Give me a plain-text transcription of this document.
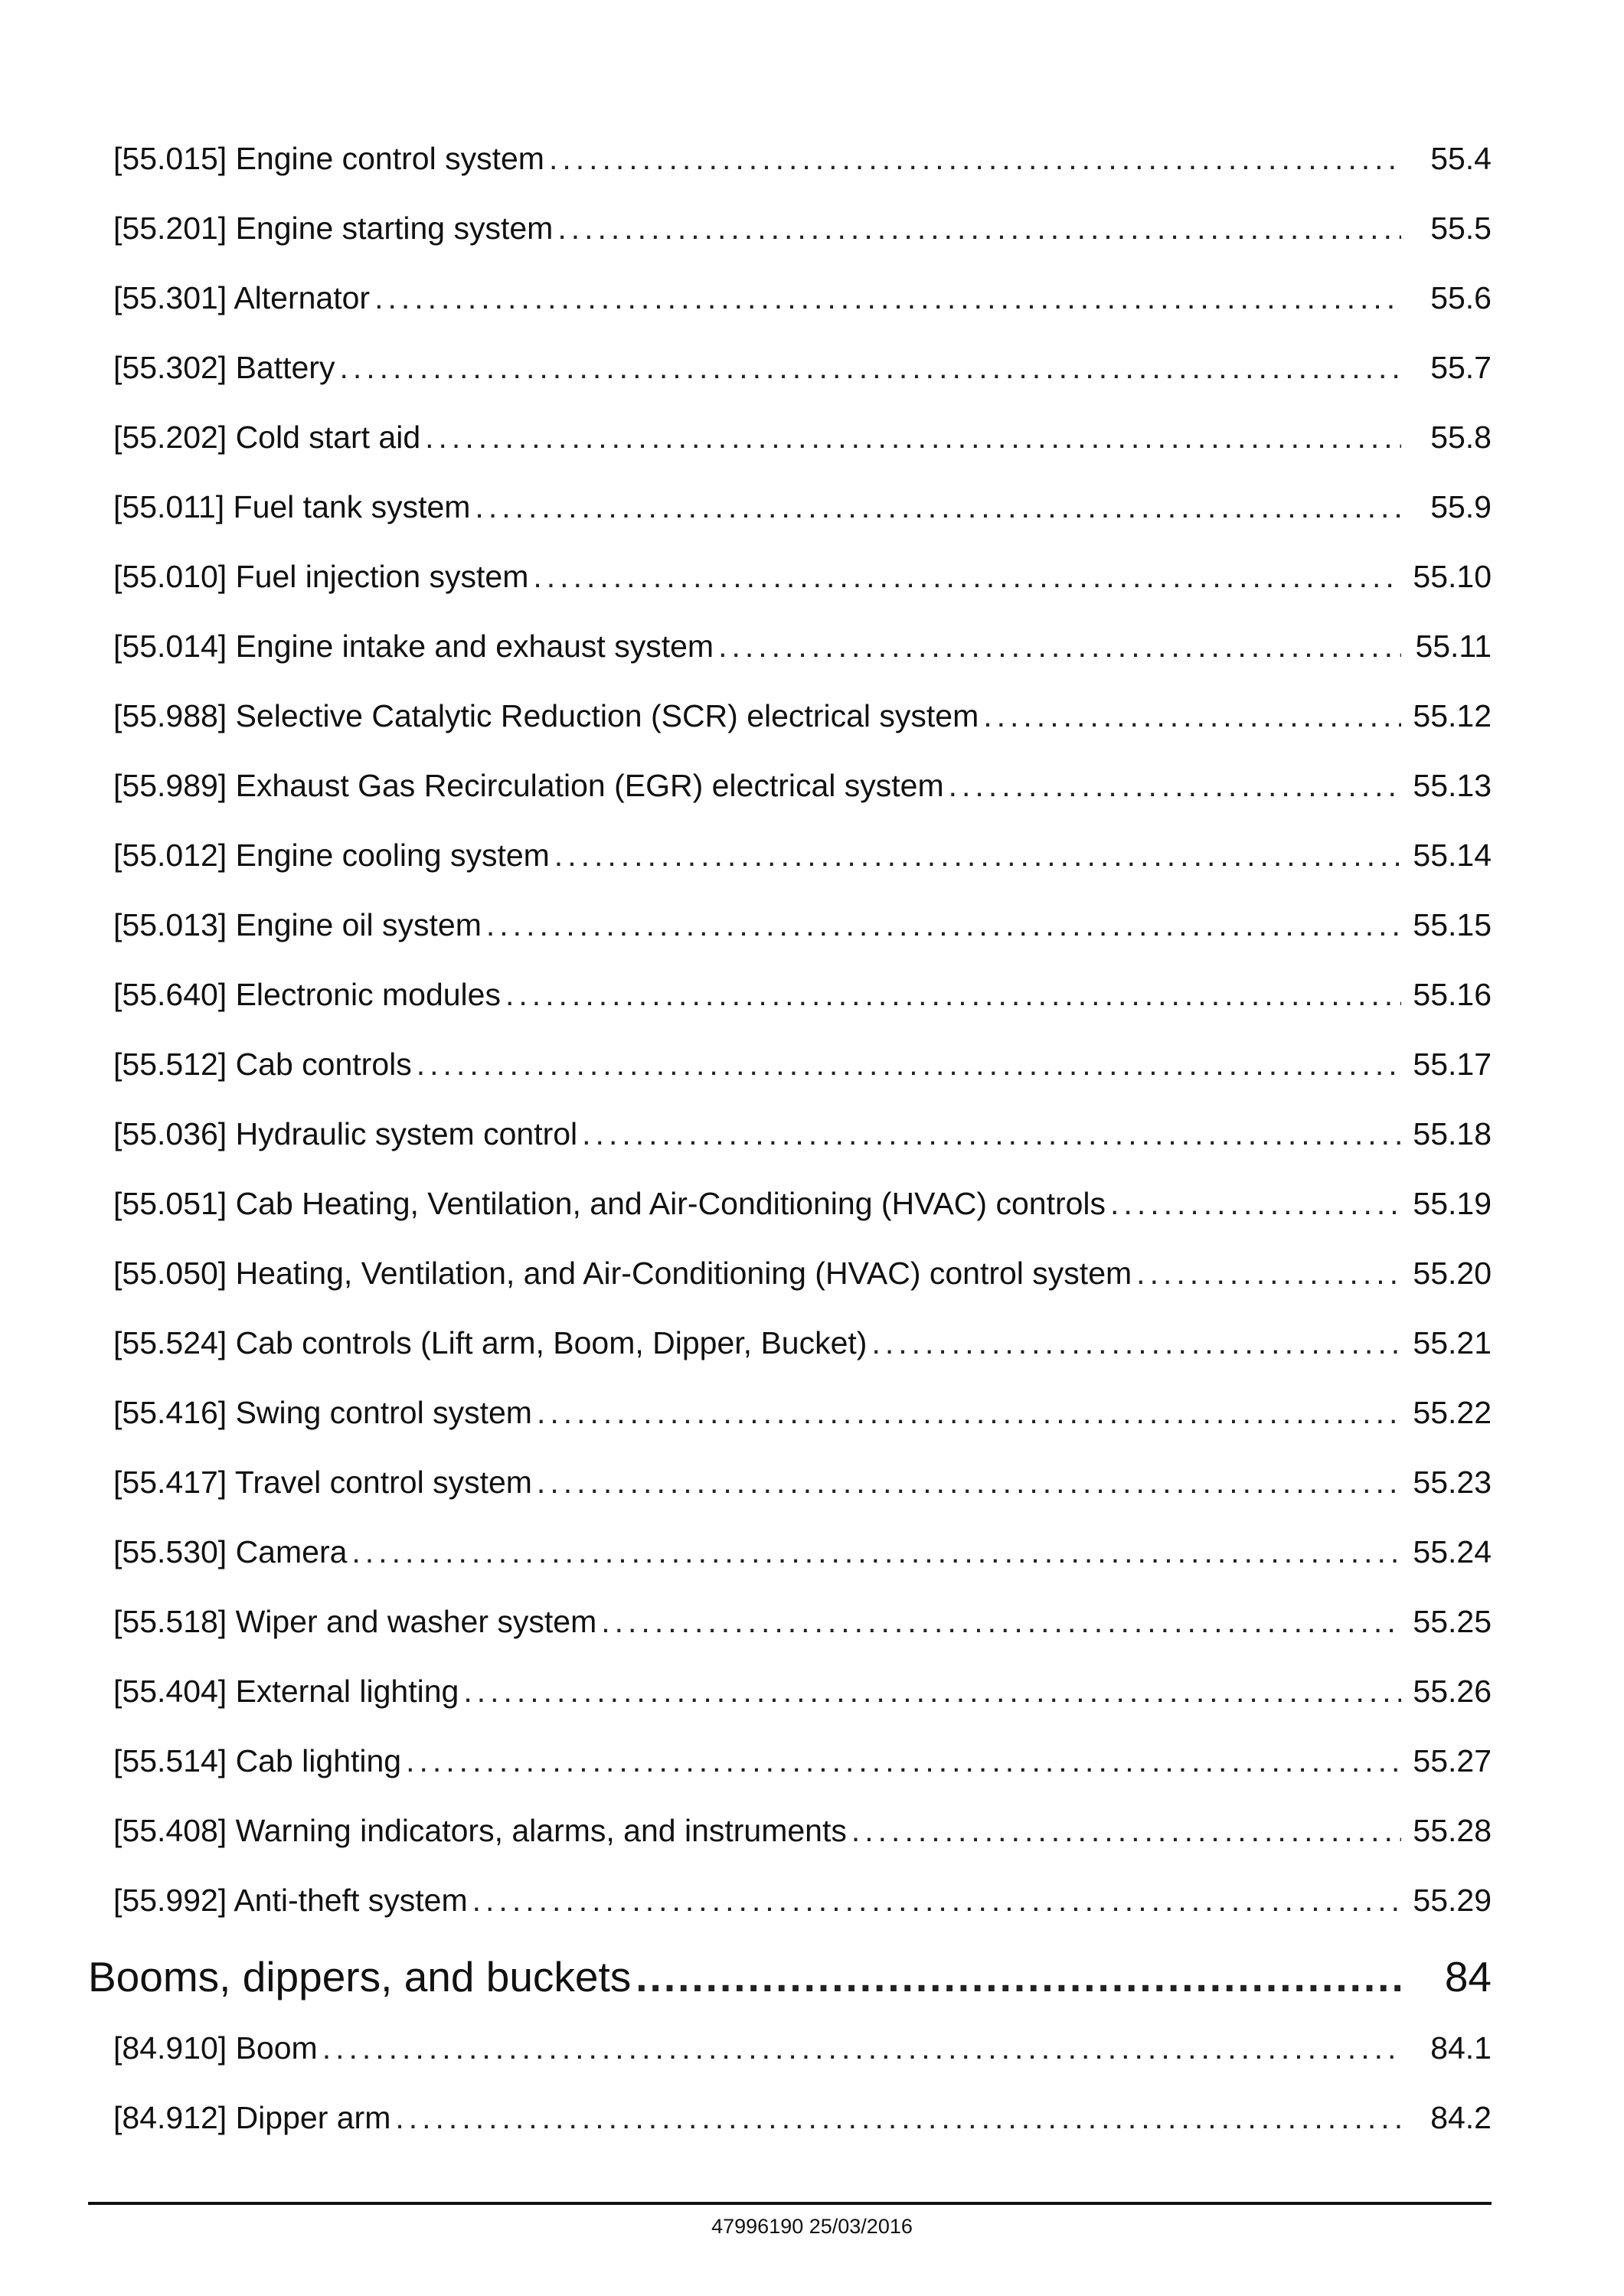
[55.015] Engine control system .....	55.4
[55.201] Engine starting system .....	55.5
[55.301] Alternator .....	55.6
[55.302] Battery .....	55.7
[55.202] Cold start aid .....	55.8
[55.011] Fuel tank system .....	55.9
[55.010] Fuel injection system .....	55.10
[55.014] Engine intake and exhaust system .....	55.11
[55.988] Selective Catalytic Reduction (SCR) electrical system .....	55.12
[55.989] Exhaust Gas Recirculation (EGR) electrical system .....	55.13
[55.012] Engine cooling system .....	55.14
[55.013] Engine oil system .....	55.15
[55.640] Electronic modules .....	55.16
[55.512] Cab controls .....	55.17
[55.036] Hydraulic system control .....	55.18
[55.051] Cab Heating, Ventilation, and Air-Conditioning (HVAC) controls .....	55.19
[55.050] Heating, Ventilation, and Air-Conditioning (HVAC) control system .....	55.20
[55.524] Cab controls (Lift arm, Boom, Dipper, Bucket) .....	55.21
[55.416] Swing control system .....	55.22
[55.417] Travel control system .....	55.23
[55.530] Camera .....	55.24
[55.518] Wiper and washer system .....	55.25
[55.404] External lighting .....	55.26
[55.514] Cab lighting .....	55.27
[55.408] Warning indicators, alarms, and instruments .....	55.28
[55.992] Anti-theft system .....	55.29
Booms, dippers, and buckets .....	84
[84.910] Boom .....	84.1
[84.912] Dipper arm .....	84.2
47996190 25/03/2016
